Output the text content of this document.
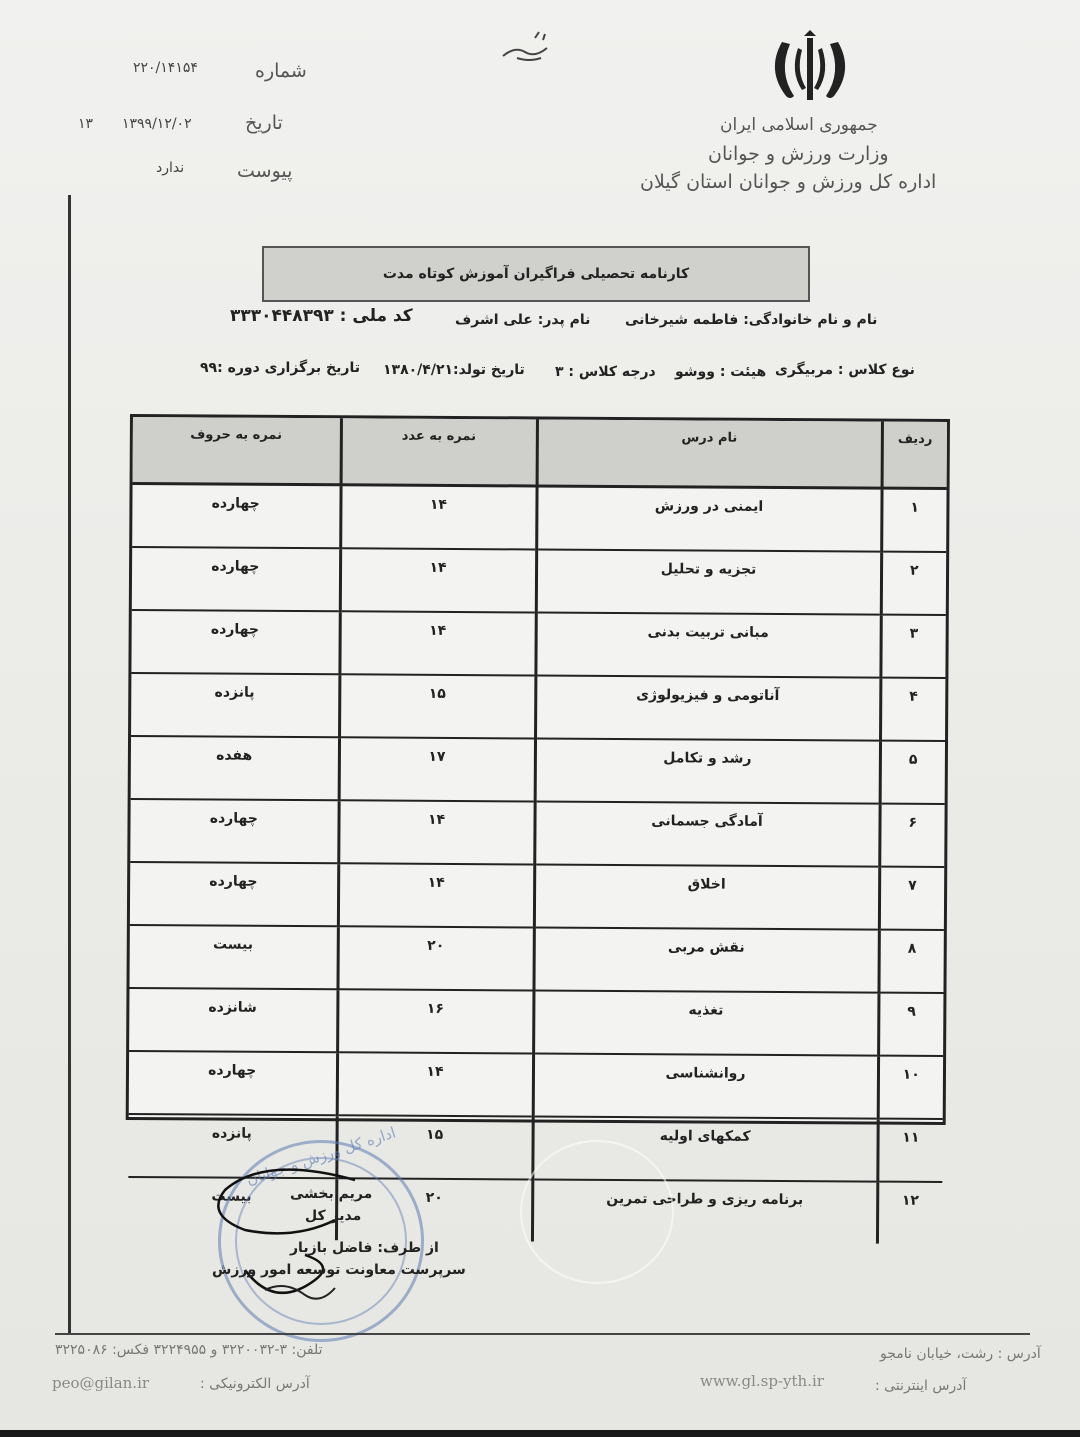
شماره
۲۲۰/۱۴۱۵۴
تاریخ
۱۳۹۹/۱۲/۰۲
۱۳
پیوست
ندارد
جمهوری اسلامی ایران
وزارت ورزش و جوانان
اداره کل ورزش و جوانان استان گیلان
کارنامه تحصیلی فراگیران آموزش کوتاه مدت
نام و نام خانوادگی: فاطمه شیرخانی
نام پدر: علی اشرف
کد ملی : ۳۳۳۰۴۴۸۳۹۳
نوع کلاس : مربیگری
هیئت : ووشو
درجه کلاس : ۳
تاریخ تولد:۱۳۸۰/۴/۲۱
تاریخ برگزاری دوره :۹۹
ردیف	نام درس	نمره به عدد	نمره به حروف
۱	ایمنی در ورزش	۱۴	چهارده
۲	تجزیه و تحلیل	۱۴	چهارده
۳	مبانی تربیت بدنی	۱۴	چهارده
۴	آناتومی و فیزیولوژی	۱۵	پانزده
۵	رشد و تکامل	۱۷	هفده
۶	آمادگی جسمانی	۱۴	چهارده
۷	اخلاق	۱۴	چهارده
۸	نقش مربی	۲۰	بیست
۹	تغذیه	۱۶	شانزده
۱۰	روانشناسی	۱۴	چهارده
۱۱	کمکهای اولیه	۱۵	پانزده
۱۲	برنامه ریزی و طراحی تمرین	۲۰	بیست
اداره کل ورزش و جوانان
مریم بخشی
مدیر کل
از طرف: فاضل بازیار
سرپرست معاونت توسعه امور ورزش
آدرس : رشت، خیابان نامجو
تلفن: ۳-۳۲۲۰۰۳۲ و ۳۲۲۴۹۵۵ فکس: ۳۲۲۵۰۸۶
آدرس اینترنتی :
www.gl.sp-yth.ir
آدرس الکترونیکی :
peo@gilan.ir
